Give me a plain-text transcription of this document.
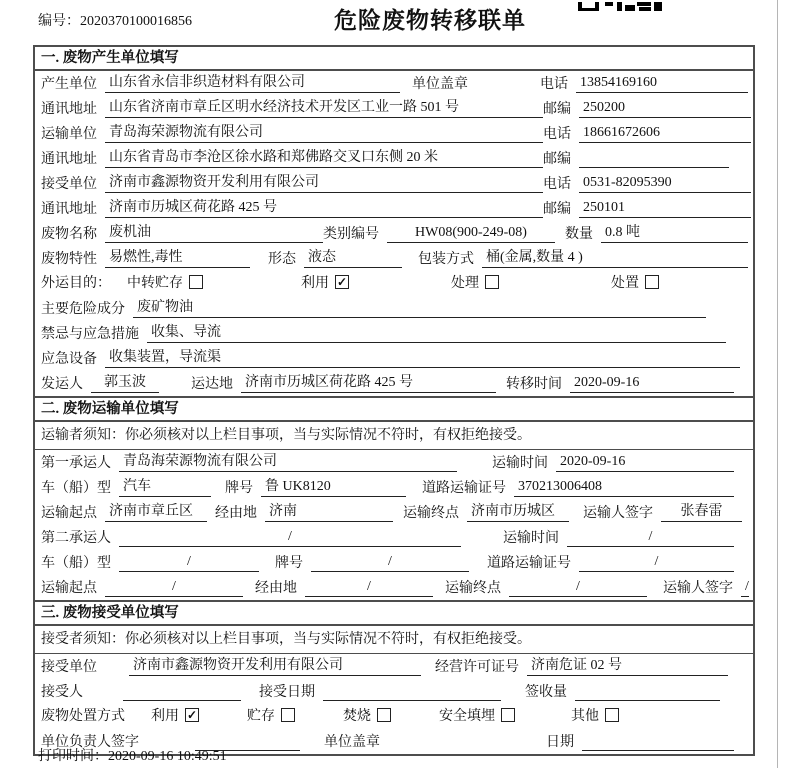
编号：2020370100016856	危险废物转移联单
一. 废物产生单位填写
产生单位 山东省永信非织造材料有限公司	单位盖章	电话 13854169160
通讯地址 山东省济南市章丘区明水经济技术开发区工业一路 501 号	邮编 250200
运输单位 青岛海荣源物流有限公司	电话 18661672606
通讯地址 山东省青岛市李沧区徐水路和郑佛路交叉口东侧 20 米	邮编
接受单位 济南市鑫源物资开发利用有限公司	电话 0531-82095390
通讯地址 济南市历城区荷花路 425 号	邮编 250101
废物名称 废机油	类别编号	HW08(900-249-08)	数量 0.8 吨
废物特性 易燃性,毒性	形态 液态	包装方式 桶(金属,数量 4 )
外运目的： 中转贮存	利用 ✓	处理	处置
主要危险成分 废矿物油
禁忌与应急措施 收集、导流
应急设备 收集装置，导流渠
发运人	郭玉波	运达地 济南市历城区荷花路 425 号	转移时间 2020-09-16
二. 废物运输单位填写
运输者须知：你必须核对以上栏目事项，当与实际情况不符时，有权拒绝接受。
第一承运人 青岛海荣源物流有限公司	运输时间 2020-09-16
车（船）型 汽车	牌号 鲁 UK8120	道路运输证号 370213006408
运输起点 济南市章丘区	经由地 济南	运输终点 济南市历城区	运输人签字	张春雷
第二承运人	/	运输时间	/
车（船）型	/	牌号	/	道路运输证号	/
运输起点	/	经由地	/	运输终点	/	运输人签字 /
三. 废物接受单位填写
接受者须知：你必须核对以上栏目事项，当与实际情况不符时，有权拒绝接受。
接受单位	济南市鑫源物资开发利用有限公司	经营许可证号 济南危证 02 号
接受人	接受日期	签收量
废物处置方式 利用 ✓	贮存	焚烧	安全填埋	其他
单位负责人签字	单位盖章	日期
打印时间：2020-09-16 10:49:51
